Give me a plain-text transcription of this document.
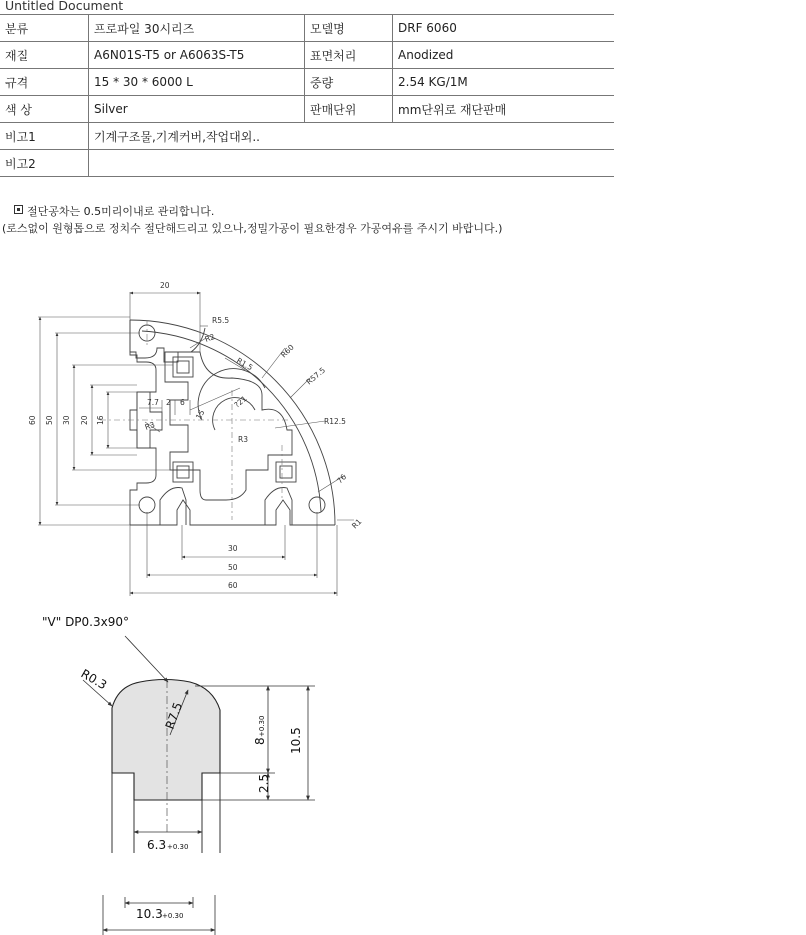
Untitled Document
분류	프로파일 30시리즈	모델명	DRF 6060
재질	A6N01S-T5 or A6063S-T5	표면처리	Anodized
규격	15 * 30 * 6000 L	중량	2.54 KG/1M
색 상	Silver	판매단위	mm단위로 재단판매
비고1	기계구조물,기계커버,작업대외..		
비고2			
절단공차는 0.5미리이내로 관리합니다.
(로스없이 원형톱으로 정치수 절단해드리고 있으나,정밀가공이 필요한경우 가공여유를 주시기 바랍니다.)
20
R5.5
R2
R1.5
R60
R57.5
R12.5
R3
R3
?21
7.7 2 6
15
76
R1
60 50 30 20 16
30
50
60
"V" DP0.3x90°
R0.3
R7.5
8
+0.30
10.5
2.5
6.3 +0.30
10.3 +0.30
